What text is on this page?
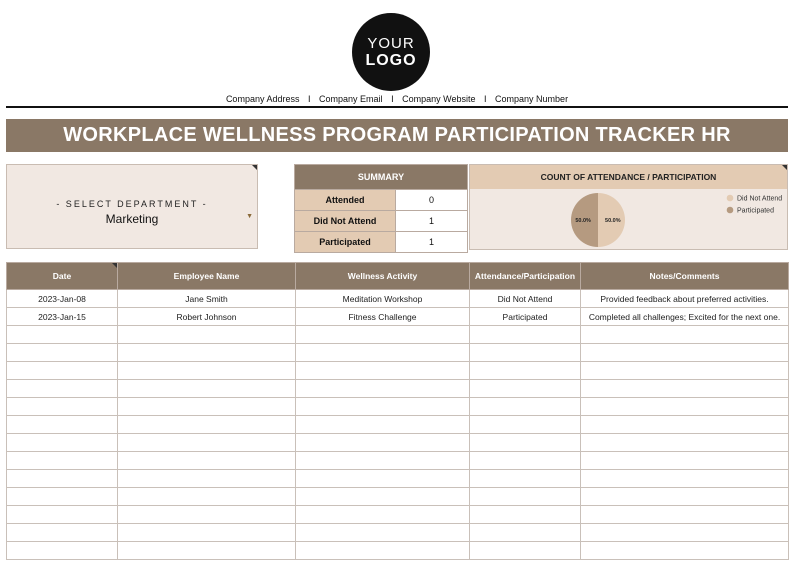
YOUR
LOGO
Company Address I Company Email I Company Website I Company Number
WORKPLACE WELLNESS PROGRAM PARTICIPATION TRACKER HR
- SELECT DEPARTMENT -
Marketing	▼
SUMMARY	
Attended	0
Did Not Attend	1
Participated	1
COUNT OF ATTENDANCE / PARTICIPATION
50.0%
50.0%
Did Not Attend
Participated
Date	Employee Name	Wellness Activity	Attendance/Participation	Notes/Comments
2023-Jan-08	Jane Smith	Meditation Workshop	Did Not Attend	Provided feedback about preferred activities.
2023-Jan-15	Robert Johnson	Fitness Challenge	Participated	Completed all challenges; Excited for the next one.
